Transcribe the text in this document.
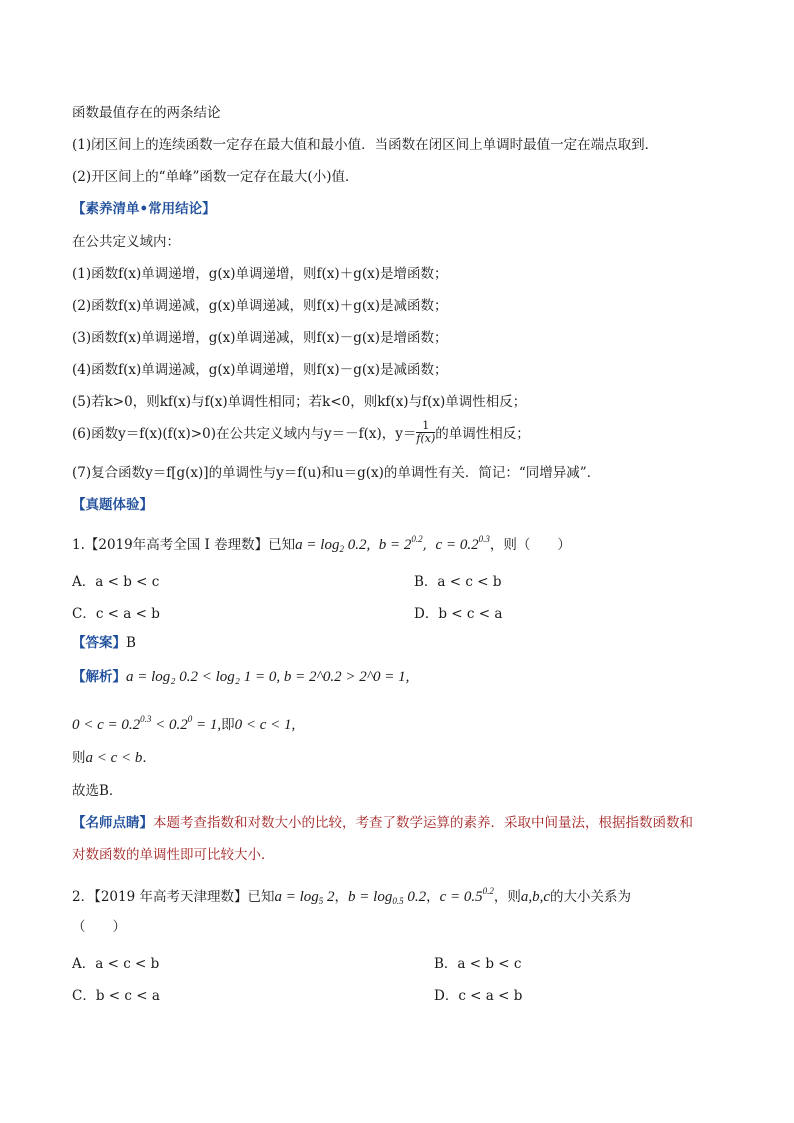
函数最值存在的两条结论
(1)闭区间上的连续函数一定存在最大值和最小值．当函数在闭区间上单调时最值一定在端点取到．
(2)开区间上的“单峰”函数一定存在最大(小)值．
【素养清单•常用结论】
在公共定义域内：
(1)函数f(x)单调递增，g(x)单调递增，则f(x)＋g(x)是增函数；
(2)函数f(x)单调递减，g(x)单调递减，则f(x)＋g(x)是减函数；
(3)函数f(x)单调递增，g(x)单调递减，则f(x)－g(x)是增函数；
(4)函数f(x)单调递减，g(x)单调递增，则f(x)－g(x)是减函数；
(5)若k>0，则kf(x)与f(x)单调性相同；若k<0，则kf(x)与f(x)单调性相反；
(6)函数y＝f(x)(f(x)>0)在公共定义域内与y＝－f(x)，$y= \frac{1}{f(x)}$ 的单调性相反；
(7)复合函数y＝f[g(x)]的单调性与y＝f(u)和u＝g(x)的单调性有关．简记：“同增异减”．
【真题体验】
1.【2019年高考全国 I 卷理数】已知$a = \log_2 0.2$, $b = 2^{0.2}$,  $c = 0.2^{0.3}$，则（　　）
A．a < b < c	B．a < c < b
C．c < a < b	D．b < c < a
【答案】B
【解析】a = log₂ 0.2 < log₂ 1 = 0, b = 2^0.2 > 2^0 = 1,
$0 < c = 0.2^{0.3} < 0.2^0 = 1$,即0 < c < 1,
则a < c < b．
故选B．
【名师点睛】本题考查指数和对数大小的比较，考查了数学运算的素养．采取中间量法，根据指数函数和
对数函数的单调性即可比较大小．
2．【2019 年高考天津理数】已知$a = \log_5 2$，$b = \log_{0.5} 0.2$，$c = 0.5^{0.2}$，则a,b,c的大小关系为
（　　）
A．a < c < b	B．a < b < c
C．b < c < a	D．c < a < b
